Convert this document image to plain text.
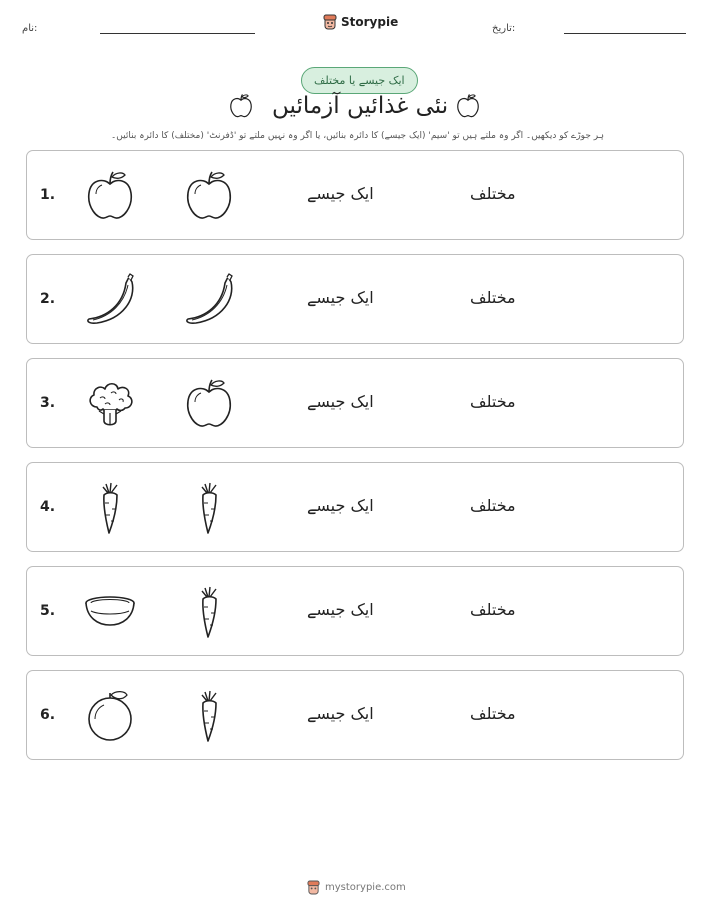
نام:	Storypie	تاریخ:
ایک جیسے یا مختلف
نئی غذائیں آزمائیں
ہر جوڑے کو دیکھیں۔ اگر وہ ملتے ہیں تو 'سیم' (ایک جیسے) کا دائرہ بنائیں، یا اگر وہ نہیں ملتے تو 'ڈفرنٹ' (مختلف) کا دائرہ بنائیں۔
1.	ایک جیسے	مختلف
2.	ایک جیسے	مختلف
3.	ایک جیسے	مختلف
4.	ایک جیسے	مختلف
5.	ایک جیسے	مختلف
6.	ایک جیسے	مختلف
mystorypie.com
